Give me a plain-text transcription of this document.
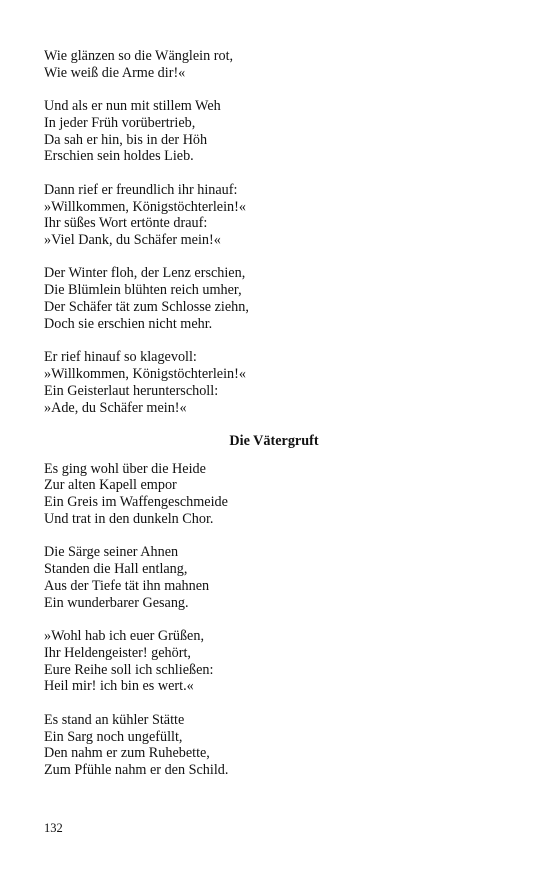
Wie glänzen so die Wänglein rot,
Wie weiß die Arme dir!«
Und als er nun mit stillem Weh
In jeder Früh vorübertrieb,
Da sah er hin, bis in der Höh
Erschien sein holdes Lieb.
Dann rief er freundlich ihr hinauf:
»Willkommen, Königstöchterlein!«
Ihr süßes Wort ertönte drauf:
»Viel Dank, du Schäfer mein!«
Der Winter floh, der Lenz erschien,
Die Blümlein blühten reich umher,
Der Schäfer tät zum Schlosse ziehn,
Doch sie erschien nicht mehr.
Er rief hinauf so klagevoll:
»Willkommen, Königstöchterlein!«
Ein Geisterlaut herunterscholl:
»Ade, du Schäfer mein!«
Die Vätergruft
Es ging wohl über die Heide
Zur alten Kapell empor
Ein Greis im Waffengeschmeide
Und trat in den dunkeln Chor.
Die Särge seiner Ahnen
Standen die Hall entlang,
Aus der Tiefe tät ihn mahnen
Ein wunderbarer Gesang.
»Wohl hab ich euer Grüßen,
Ihr Heldengeister! gehört,
Eure Reihe soll ich schließen:
Heil mir! ich bin es wert.«
Es stand an kühler Stätte
Ein Sarg noch ungefüllt,
Den nahm er zum Ruhebette,
Zum Pfühle nahm er den Schild.
132
